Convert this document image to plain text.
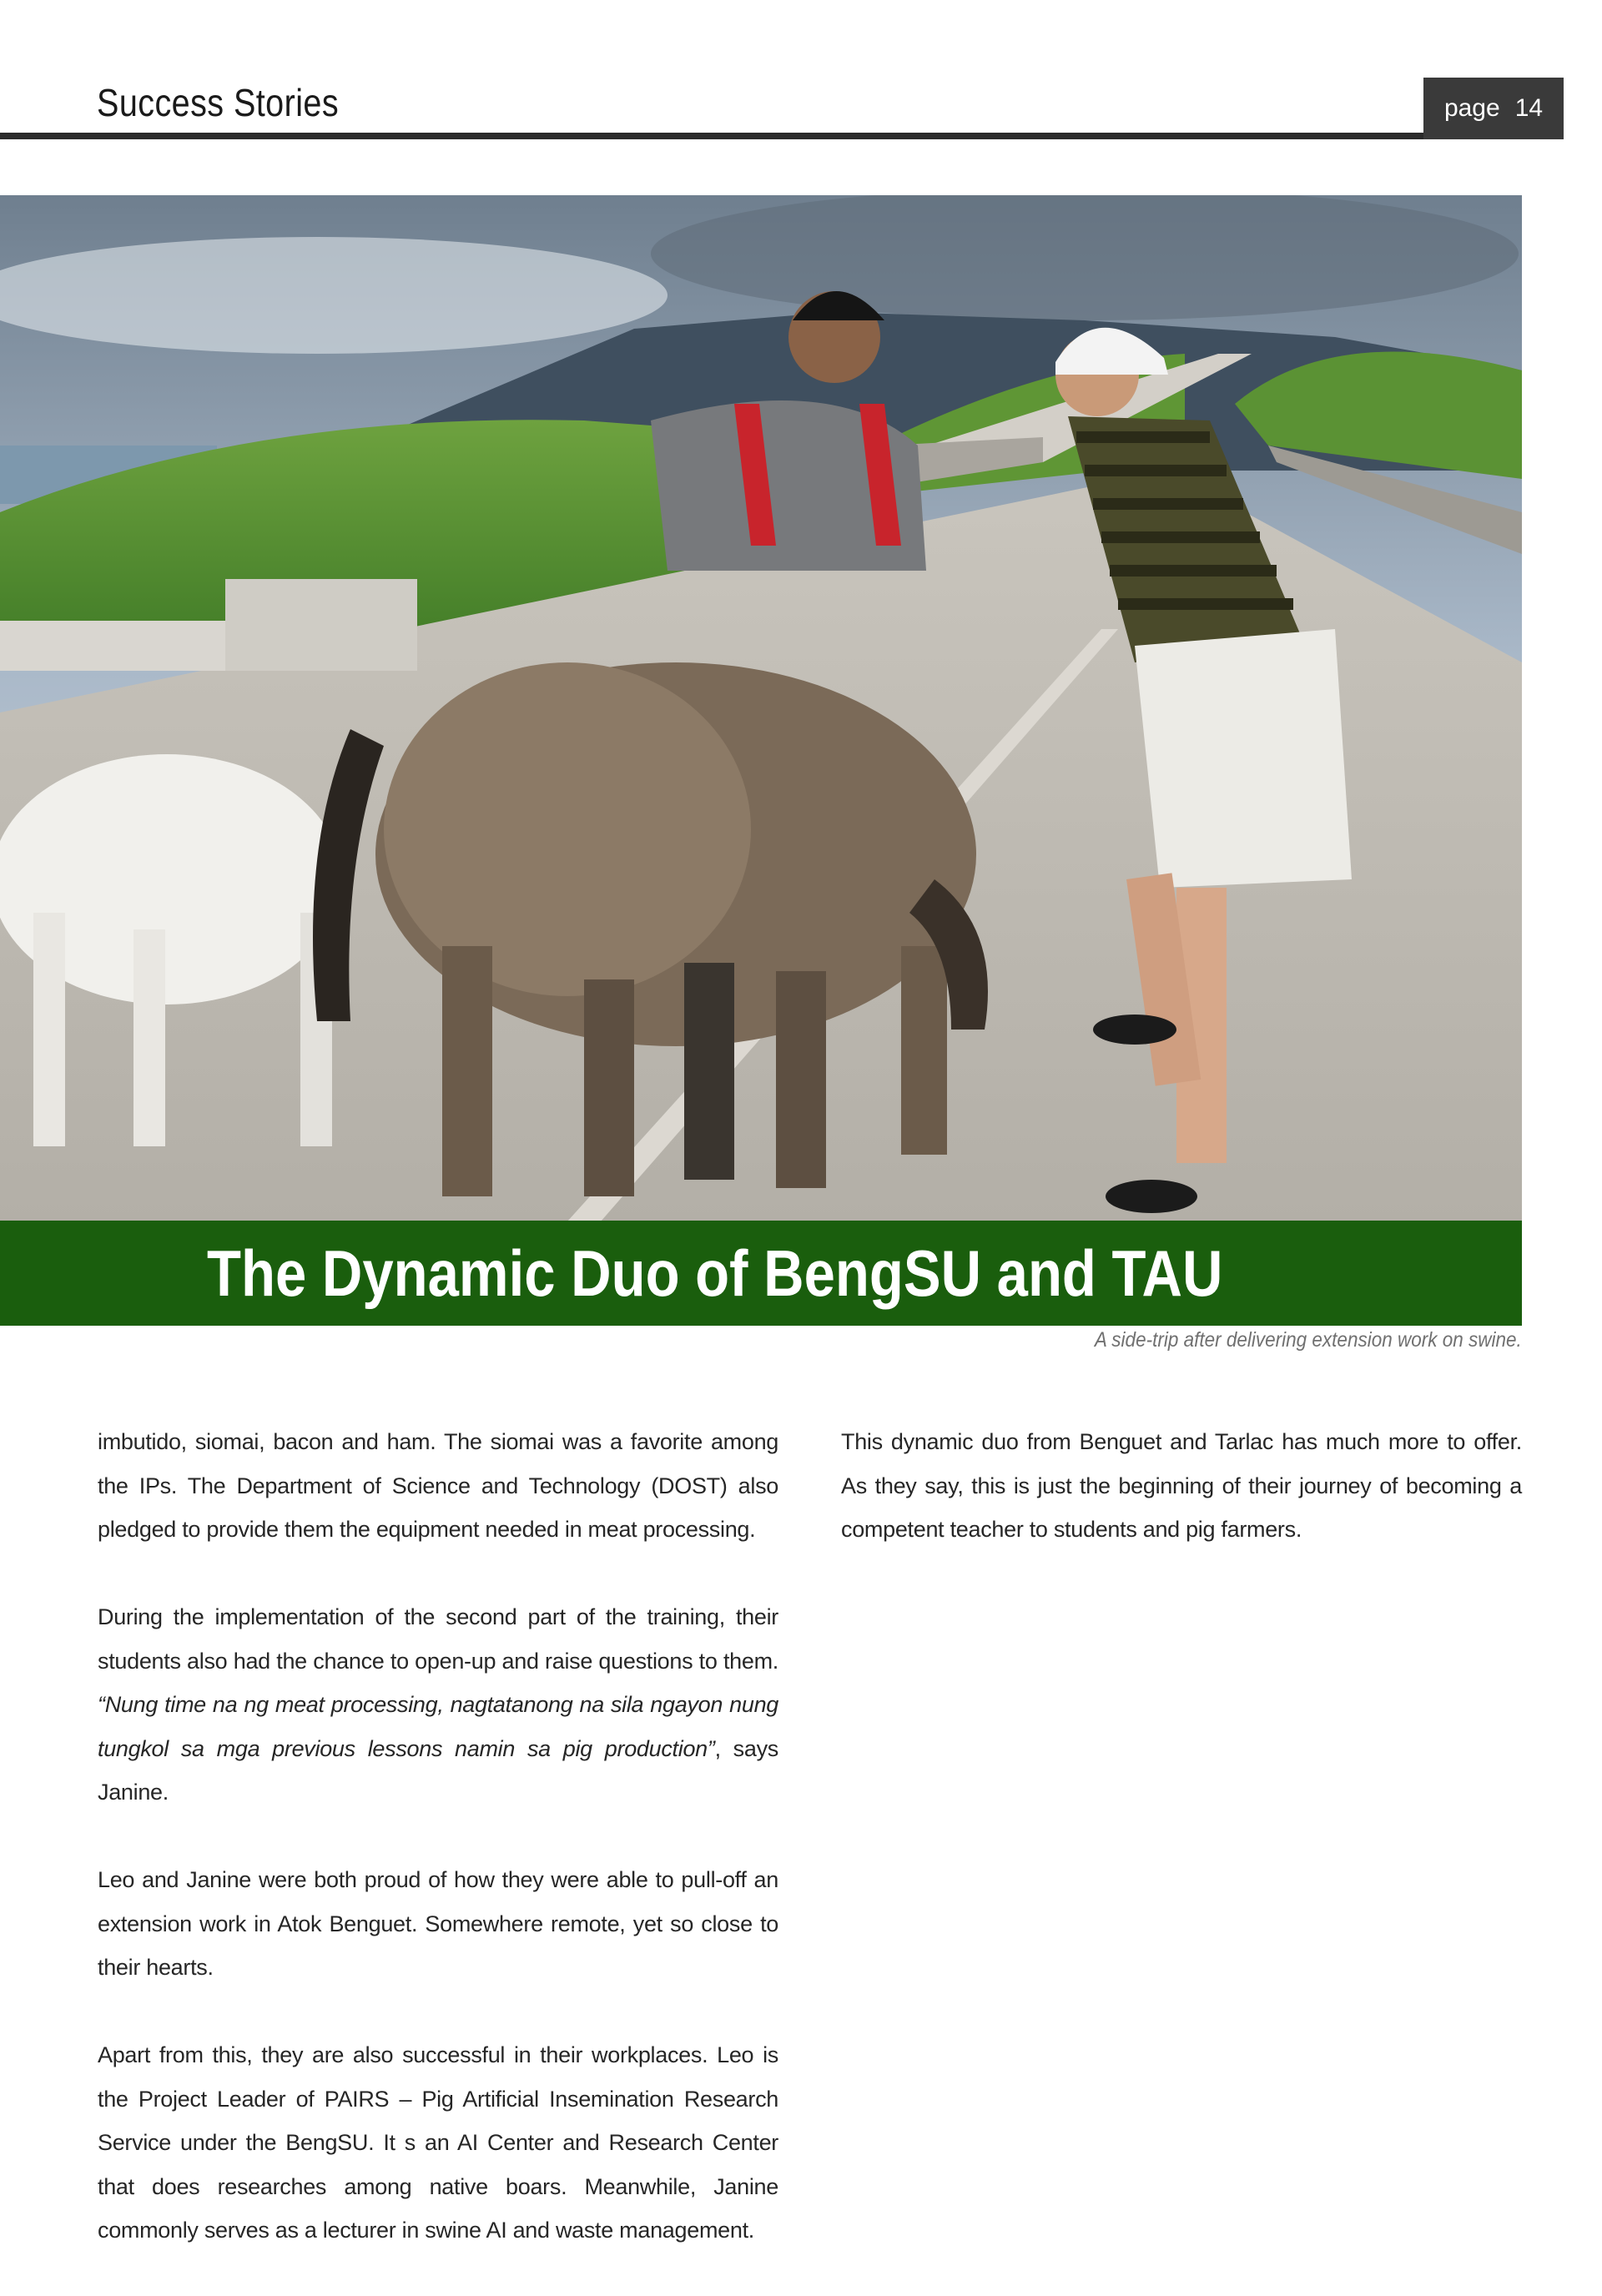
Success Stories	page 14
The Dynamic Duo of BengSU and TAU
A side-trip after delivering extension work on swine.

imbutido, siomai, bacon and ham. The siomai was a favorite among the IPs. The Department of Science and Technology (DOST) also pledged to provide them the equipment needed in meat processing.

During the implementation of the second part of the training, their students also had the chance to open-up and raise questions to them. “Nung time na ng meat processing, nagtatanong na sila ngayon nung tungkol sa mga previous lessons namin sa pig production”, says Janine.

Leo and Janine were both proud of how they were able to pull-off an extension work in Atok Benguet. Somewhere remote, yet so close to their hearts.

Apart from this, they are also successful in their workplaces. Leo is the Project Leader of PAIRS – Pig Artificial Insemination Research Service under the BengSU. It s an AI Center and Research Center that does researches among native boars. Meanwhile, Janine commonly serves as a lecturer in swine AI and waste management.

This dynamic duo from Benguet and Tarlac has much more to offer. As they say, this is just the beginning of their journey of becoming a competent teacher to students and pig farmers.
